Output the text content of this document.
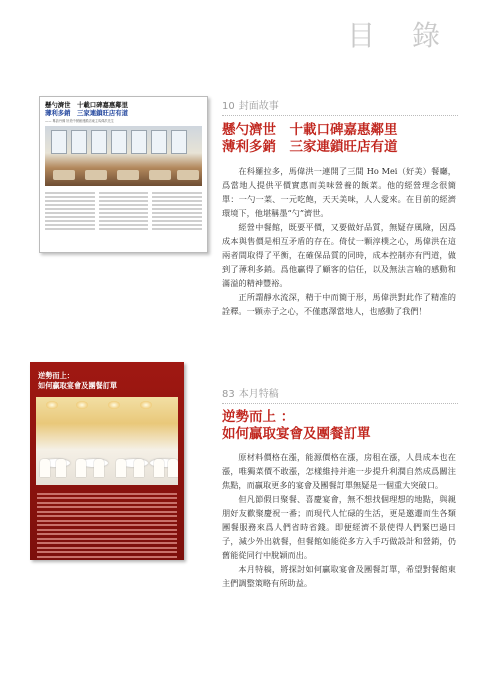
目 錄
懸勺濟世　十載口碑嘉惠鄰里
薄利多銷　三家連鎖旺店有道
—— 專訪丹佛 好美中餐館連鎖店東主馬偉洪先生
10 封面故事
懸勺濟世　十載口碑嘉惠鄰里
薄利多銷　三家連鎖旺店有道

在科羅拉多，馬偉洪一連開了三間 Ho Mei（好美）餐廳，爲當地人提供平價實惠而美味營養的飯菜。他的經營理念很簡單：一勺一菜、一元吃飽，天天美味，人人愛來。在目前的經濟環境下，他堪稱墨“勺”濟世。

經營中餐館，既要平價，又要做好品質，無疑存風險，因爲成本與售價是相互矛盾的存在。倚仗一顆淳樸之心，馬偉洪在這兩者間取得了平衡，在確保品質的同時，成本控制亦有門道，做到了薄利多銷。爲他贏得了顧客的信任，以及無法言喻的感動和滿溢的精神豐裕。

正所謂靜水流深，精于中而簡于形，馬偉洪對此作了精准的詮釋。一顆赤子之心，不僅惠澤當地人，也感動了我們！

逆勢而上：
如何贏取宴會及團餐訂單
83 本月特稿
逆勢而上 ：
如何贏取宴會及團餐訂單

原材料價格在漲，能源價格在漲，房租在漲，人員成本也在漲，唯獨菜價不敢漲，怎樣維持并進一步提升利潤自然成爲關注焦點，而贏取更多的宴會及團餐訂單無疑是一個重大突破口。

但凡節假日聚餐、喜慶宴會，無不想找個理想的地點，與親朋好友歡聚慶祝一番；而現代人忙碌的生活，更是邀遷而生各類團餐服務來爲人們省時省錢。即便經濟不景使得人們緊巴過日子，減少外出就餐，但餐館如能從多方入手巧做設計和營銷，仍舊能從同行中脫穎而出。

本月特稿，將探討如何贏取宴會及團餐訂單，希望對餐館東主們調整策略有所助益。
